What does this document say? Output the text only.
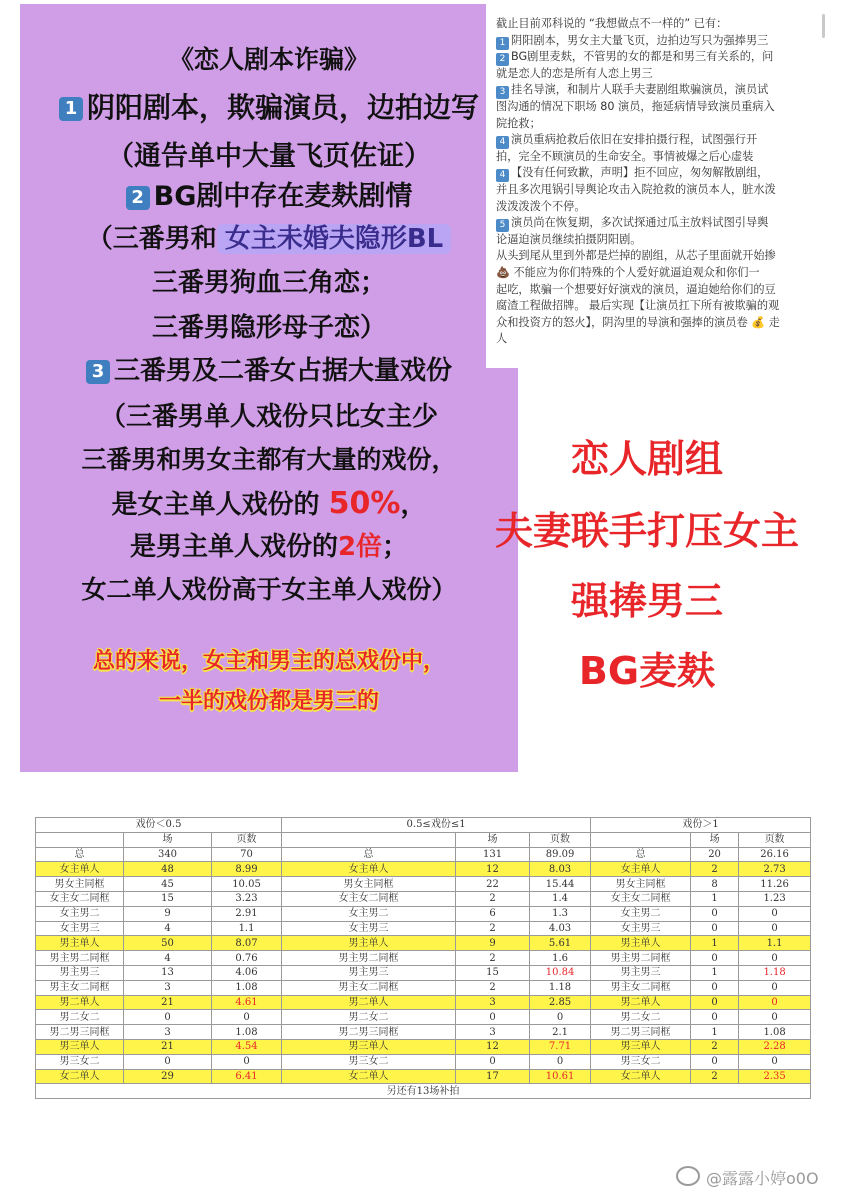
《恋人剧本诈骗》
1 阴阳剧本，欺骗演员，边拍边写
（通告单中大量飞页佐证）
2 BG剧中存在麦麸剧情
（三番男和 女主未婚夫隐形BL
三番男狗血三角恋；
三番男隐形母子恋）
3 三番男及二番女占据大量戏份
（三番男单人戏份只比女主少
三番男和男女主都有大量的戏份，
是女主单人戏份的 50%，
是男主单人戏份的2倍；
女二单人戏份高于女主单人戏份）
总的来说，女主和男主的总戏份中，
一半的戏份都是男三的
截止目前邓科说的 “我想做点不一样的” 已有：
1 阴阳剧本，男女主大量飞页，边拍边写只为强捧男三
2 BG剧里麦麸，不管男的女的都是和男三有关系的，问
就是恋人的恋是所有人恋上男三
3 挂名导演，和制片人联手夫妻剧组欺骗演员，演员试
图沟通的情况下职场 80 演员，拖延病情导致演员重病入
院抢救；
4 演员重病抢救后依旧在安排拍摄行程，试图强行开
拍，完全不顾演员的生命安全。事情被爆之后心虚装
4 【没有任何致歉，声明】拒不回应，匆匆解散剧组，
并且多次甩锅引导舆论攻击入院抢救的演员本人，脏水泼
泼泼泼泼个不停。
5 演员尚在恢复期，多次试探通过瓜主放料试图引导舆
论逼迫演员继续拍摄阴阳剧。
从头到尾从里到外都是烂掉的剧组，从芯子里面就开始掺
💩 不能应为你们特殊的个人爱好就逼迫观众和你们一
起吃，欺骗一个想要好好演戏的演员，逼迫她给你们的豆
腐渣工程做招牌。 最后实现【让演员扛下所有被欺骗的观
众和投资方的怒火】，阴沟里的导演和强捧的演员卷 💰 走
人
恋人剧组
夫妻联手打压女主
强捧男三
BG麦麸
戏份＜0.5			0.5≤戏份≤1			戏份＞1		
	场	页数		场	页数		场	页数
总	340	70	总	131	89.09	总	20	26.16
女主单人	48	8.99	女主单人	12	8.03	女主单人	2	2.73
男女主同框	45	10.05	男女主同框	22	15.44	男女主同框	8	11.26
女主女二同框	15	3.23	女主女二同框	2	1.4	女主女二同框	1	1.23
女主男二	9	2.91	女主男二	6	1.3	女主男二	0	0
女主男三	4	1.1	女主男三	2	4.03	女主男三	0	0
男主单人	50	8.07	男主单人	9	5.61	男主单人	1	1.1
男主男二同框	4	0.76	男主男二同框	2	1.6	男主男二同框	0	0
男主男三	13	4.06	男主男三	15	10.84	男主男三	1	1.18
男主女二同框	3	1.08	男主女二同框	2	1.18	男主女二同框	0	0
男二单人	21	4.61	男二单人	3	2.85	男二单人	0	0
男二女二	0	0	男二女二	0	0	男二女二	0	0
男二男三同框	3	1.08	男二男三同框	3	2.1	男二男三同框	1	1.08
男三单人	21	4.54	男三单人	12	7.71	男三单人	2	2.28
男三女二	0	0	男三女二	0	0	男三女二	0	0
女二单人	29	6.41	女二单人	17	10.61	女二单人	2	2.35
另还有13场补拍								
@露露小婷o0O
